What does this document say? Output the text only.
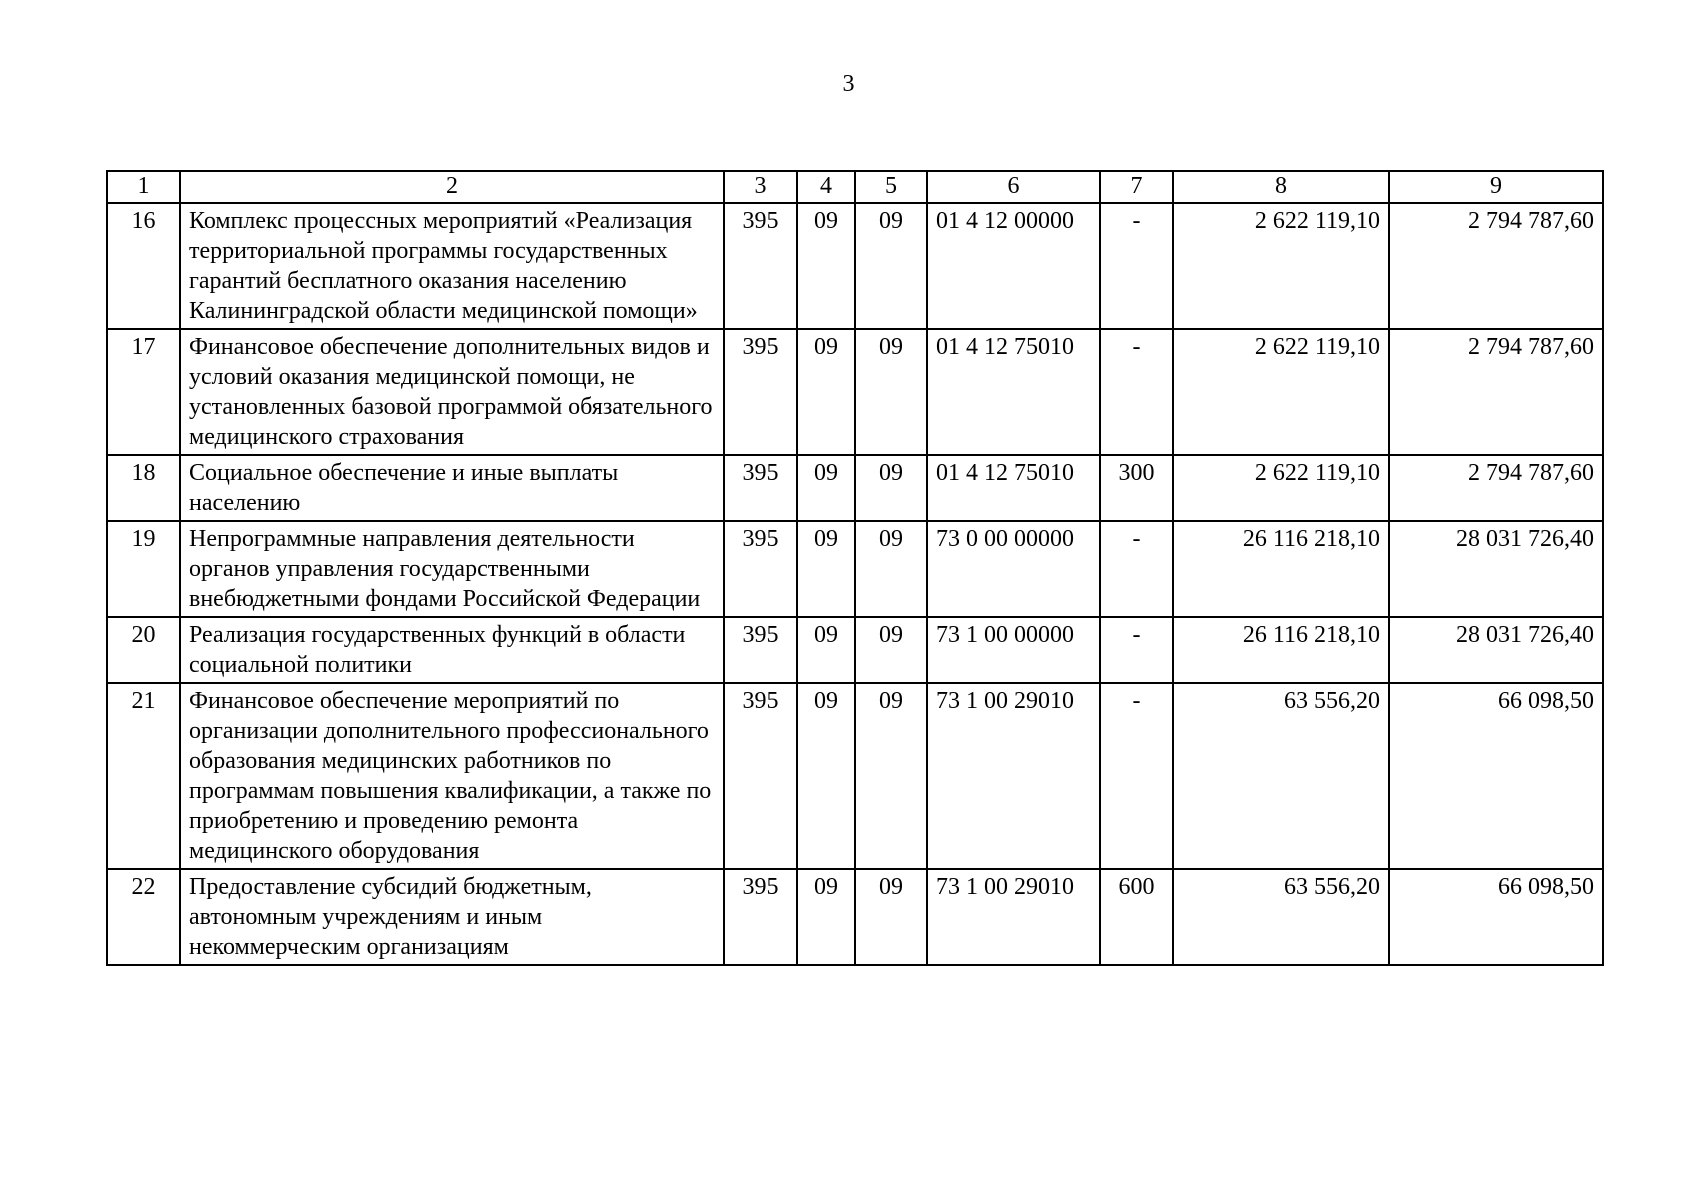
3
1	2	3	4	5	6	7	8	9
16	Комплекс процессных мероприятий «Реализация территориальной программы государственных гарантий бесплатного оказания населению Калининградской области медицинской помощи»	395	09	09	01 4 12 00000	-	2 622 119,10	2 794 787,60
17	Финансовое обеспечение дополнительных видов и условий оказания медицинской помощи, не установленных базовой программой обязательного медицинского страхования	395	09	09	01 4 12 75010	-	2 622 119,10	2 794 787,60
18	Социальное обеспечение и иные выплаты населению	395	09	09	01 4 12 75010	300	2 622 119,10	2 794 787,60
19	Непрограммные направления деятельности органов управления государственными внебюджетными фондами Российской Федерации	395	09	09	73 0 00 00000	-	26 116 218,10	28 031 726,40
20	Реализация государственных функций в области социальной политики	395	09	09	73 1 00 00000	-	26 116 218,10	28 031 726,40
21	Финансовое обеспечение мероприятий по организации дополнительного профессионального образования медицинских работников по программам повышения квалификации, а также по приобретению и проведению ремонта медицинского оборудования	395	09	09	73 1 00 29010	-	63 556,20	66 098,50
22	Предоставление субсидий бюджетным, автономным учреждениям и иным некоммерческим организациям	395	09	09	73 1 00 29010	600	63 556,20	66 098,50
